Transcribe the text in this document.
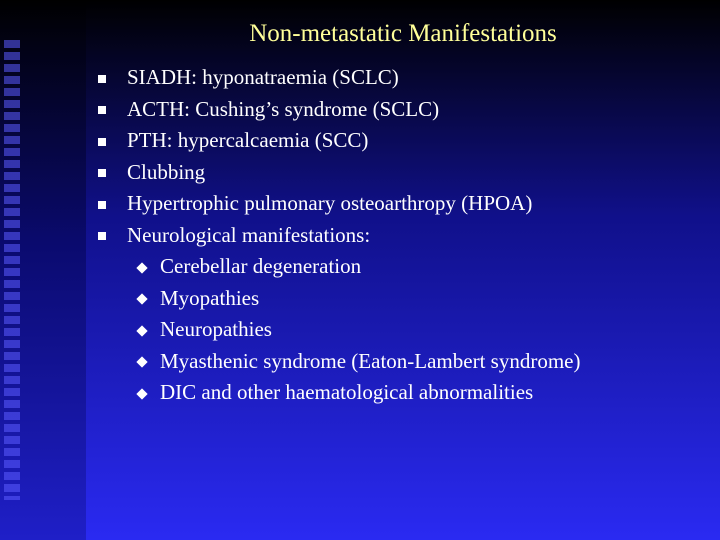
Non-metastatic Manifestations
SIADH: hyponatraemia (SCLC)
ACTH: Cushing’s syndrome (SCLC)
PTH: hypercalcaemia (SCC)
Clubbing
Hypertrophic pulmonary osteoarthropy (HPOA)
Neurological manifestations:
Cerebellar degeneration
Myopathies
Neuropathies
Myasthenic syndrome (Eaton-Lambert syndrome)
DIC and other haematological abnormalities
